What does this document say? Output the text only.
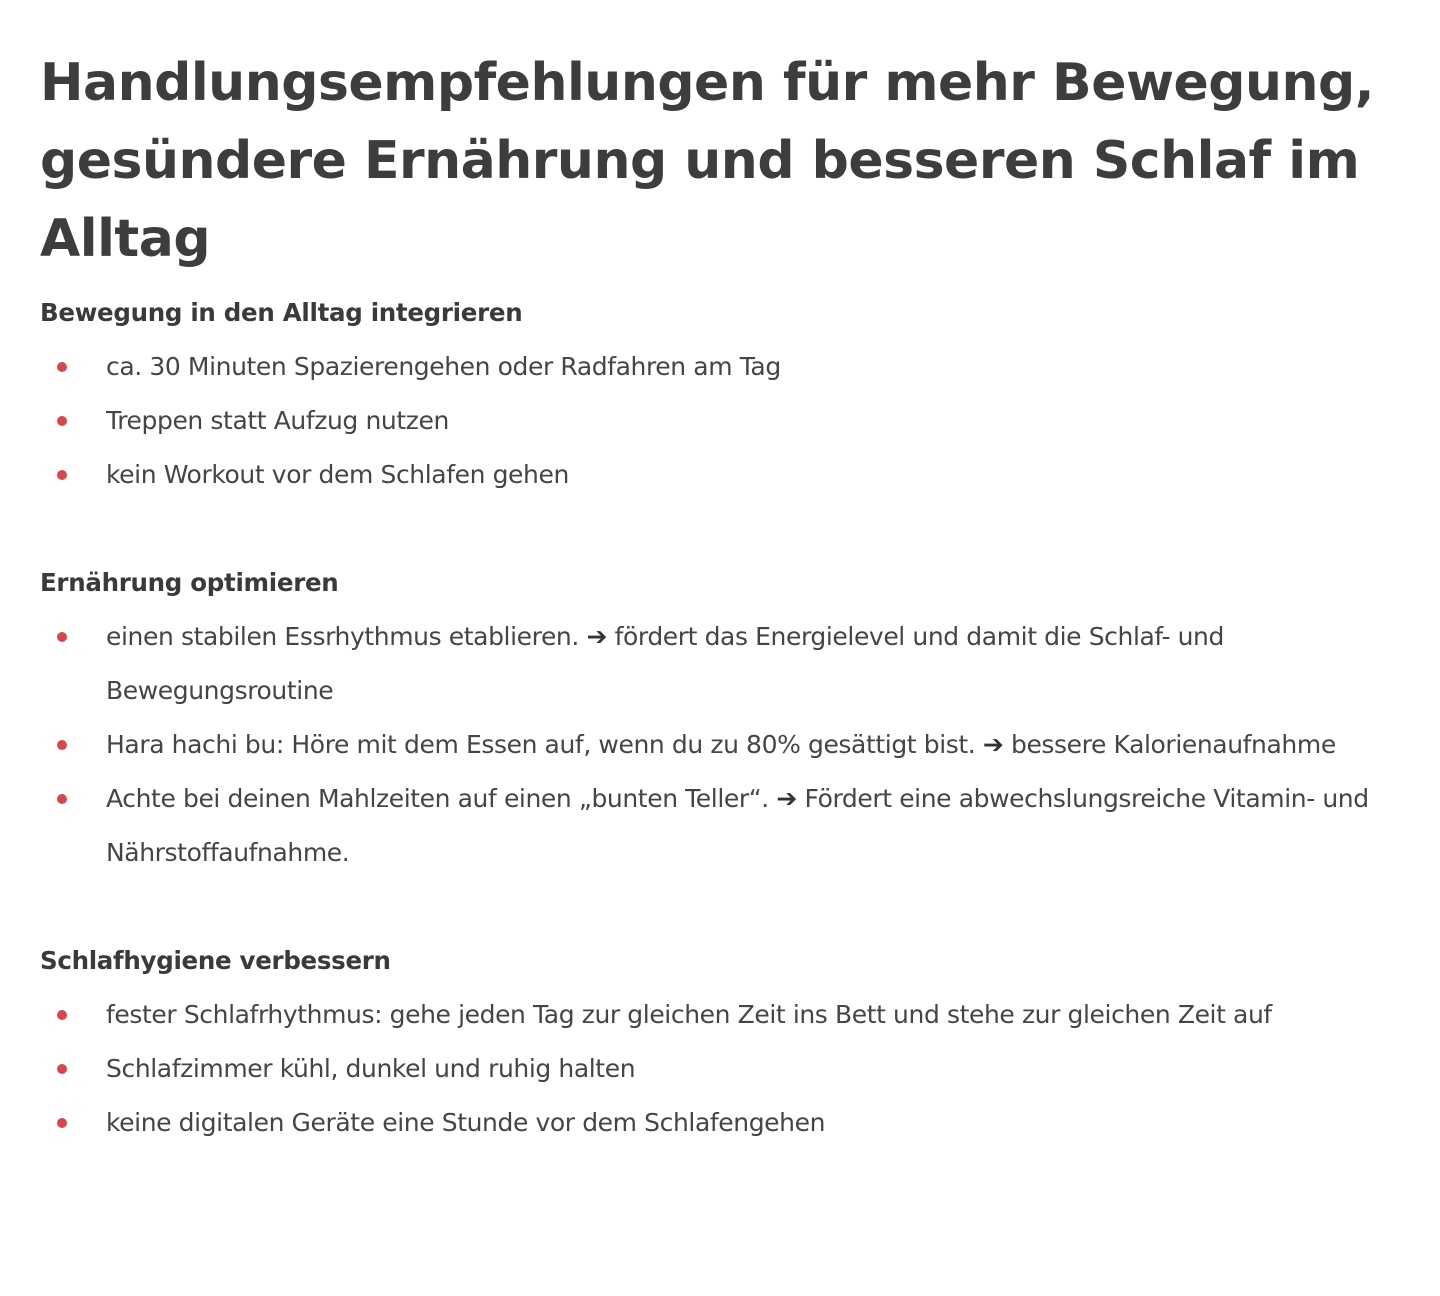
Handlungsempfehlungen für mehr Bewegung, gesündere Ernährung und besseren Schlaf im Alltag
Bewegung in den Alltag integrieren
ca. 30 Minuten Spazierengehen oder Radfahren am Tag
Treppen statt Aufzug nutzen
kein Workout vor dem Schlafen gehen
Ernährung optimieren
einen stabilen Essrhythmus etablieren. ➔ fördert das Energielevel und damit die Schlaf- und Bewegungsroutine
Hara hachi bu: Höre mit dem Essen auf, wenn du zu 80% gesättigt bist. ➔ bessere Kalorienaufnahme
Achte bei deinen Mahlzeiten auf einen „bunten Teller“. ➔ Fördert eine abwechslungsreiche Vitamin- und Nährstoffaufnahme.
Schlafhygiene verbessern
fester Schlafrhythmus: gehe jeden Tag zur gleichen Zeit ins Bett und stehe zur gleichen Zeit auf
Schlafzimmer kühl, dunkel und ruhig halten
keine digitalen Geräte eine Stunde vor dem Schlafengehen
